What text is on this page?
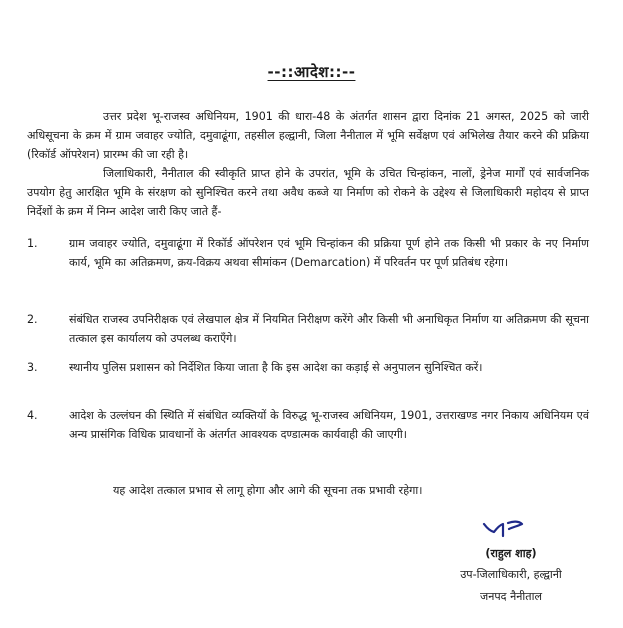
--::आदेश::--
उत्तर प्रदेश भू-राजस्व अधिनियम, 1901 की धारा-48 के अंतर्गत शासन द्वारा दिनांक 21 अगस्त, 2025 को जारी अधिसूचना के क्रम में ग्राम जवाहर ज्योति, दमुवाढूंगा, तहसील हल्द्वानी, जिला नैनीताल में भूमि सर्वेक्षण एवं अभिलेख तैयार करने की प्रक्रिया (रिकॉर्ड ऑपरेशन) प्रारम्भ की जा रही है।
जिलाधिकारी, नैनीताल की स्वीकृति प्राप्त होने के उपरांत, भूमि के उचित चिन्हांकन, नालों, ड्रेनेज मार्गों एवं सार्वजनिक उपयोग हेतु आरक्षित भूमि के संरक्षण को सुनिश्चित करने तथा अवैध कब्जे या निर्माण को रोकने के उद्देश्य से जिलाधिकारी महोदय से प्राप्त निर्देशों के क्रम में निम्न आदेश जारी किए जाते हैं-
1.	ग्राम जवाहर ज्योति, दमुवाढूंगा में रिकॉर्ड ऑपरेशन एवं भूमि चिन्हांकन की प्रक्रिया पूर्ण होने तक किसी भी प्रकार के नए निर्माण कार्य, भूमि का अतिक्रमण, क्रय-विक्रय अथवा सीमांकन (Demarcation) में परिवर्तन पर पूर्ण प्रतिबंध रहेगा।
2.	संबंधित राजस्व उपनिरीक्षक एवं लेखपाल क्षेत्र में नियमित निरीक्षण करेंगे और किसी भी अनाधिकृत निर्माण या अतिक्रमण की सूचना तत्काल इस कार्यालय को उपलब्ध कराएँगे।
3.	स्थानीय पुलिस प्रशासन को निर्देशित किया जाता है कि इस आदेश का कड़ाई से अनुपालन सुनिश्चित करें।
4.	आदेश के उल्लंघन की स्थिति में संबंधित व्यक्तियों के विरुद्ध भू-राजस्व अधिनियम, 1901, उत्तराखण्ड नगर निकाय अधिनियम एवं अन्य प्रासंगिक विधिक प्रावधानों के अंतर्गत आवश्यक दण्डात्मक कार्यवाही की जाएगी।
यह आदेश तत्काल प्रभाव से लागू होगा और आगे की सूचना तक प्रभावी रहेगा।
(राहुल शाह)
उप-जिलाधिकारी, हल्द्वानी
जनपद नैनीताल
